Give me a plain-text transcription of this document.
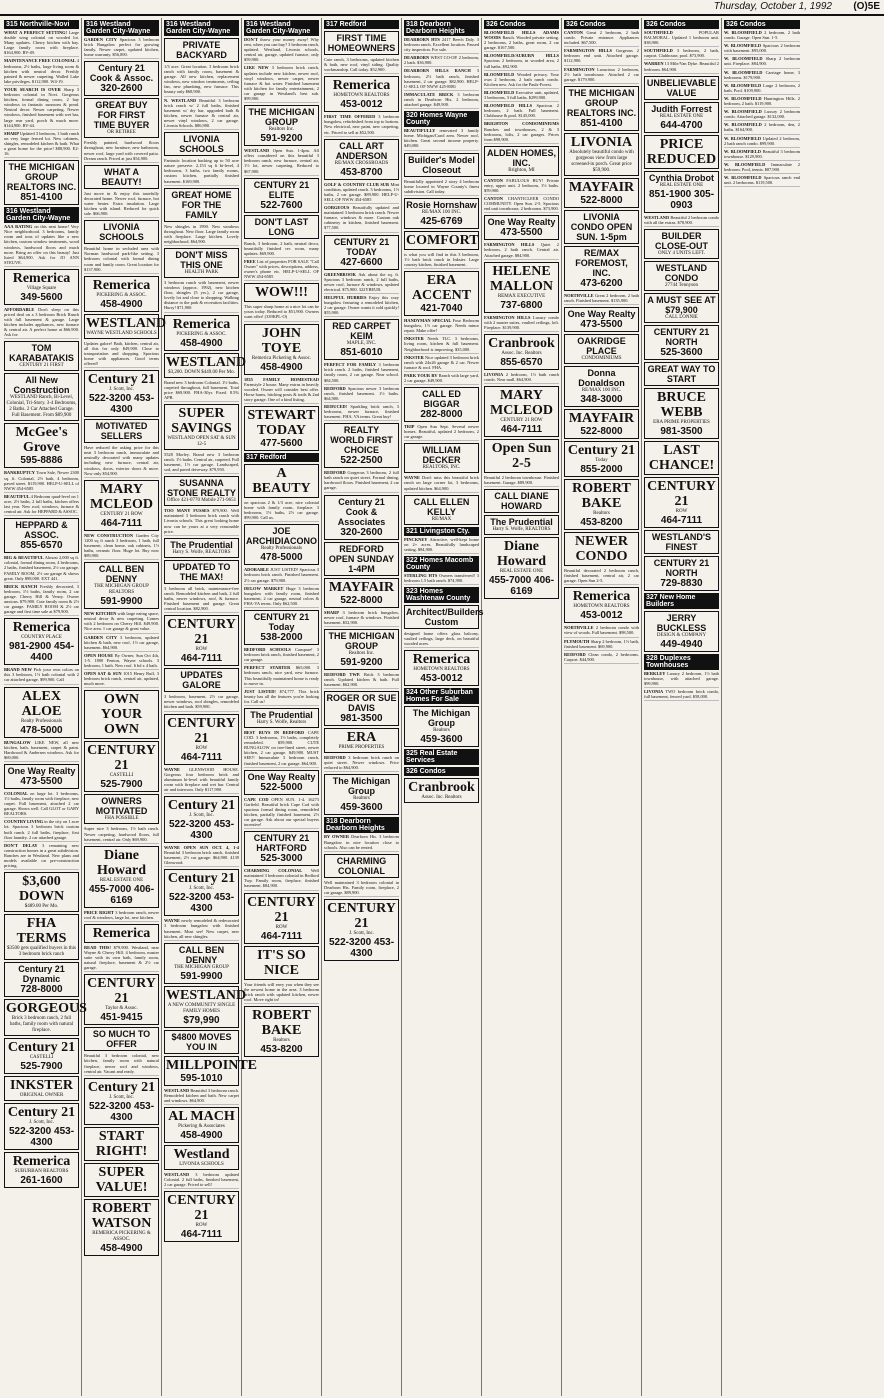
Thursday, October 1, 1992 (O)5E
315 Northville-Novi
WHAT A PERFECT SETTING! Large double wing colonial on wooded lot. Many updates. Cherry kitchen with bay. Large family room with fireplace. $164,900. RV-49.
MAINTENANCE FREE COLONIAL 4 bedrooms, 2½ baths, large living room & kitchen with neutral decor. Freshly painted & newer carpeting. Walled Lake lake privileges. $112,900. W4-19.
YOUR SEARCH IS OVER Sharp 3 bedroom colonial in Novi. Gorgeous kitchen, formal dining room, 2 bay windows in fantastic sunroom & pond. Neutral decor. Newer carpeting. Newer windows, finished basement with wet bar, large rear yard, porch & much more. $144,900. RV-44.
SHARP Updated 3 bedroom, 1 bath ranch on very large fenced lot. New cabinets, shingles, remodeled kitchen & bath. What a great home for the price! $88,900. E2-16.
THE MICHIGAN GROUP REALTORS INC.
851-4100
316 Westland Garden City-Wayne
AAA RATING on this neat home! Very Nice neighborhood. 3 bedrooms, family room and tons of updates like a new kitchen, custom window treatments, wood windows, hardwood floors and much more. Bring an offer on this beauty! Just listed $64,900. Ask for JO ANN STEUVE.
Remerica
Village Square
349-5600
AFFORDABLE Don't sleep on this priced deal on a 3 bedroom Brick Ranch with full basement & garage. Large kitchen includes appliances, new furnace & central air. A perfect home at $66,900. Ask for:
TOM KARABATAKIS
CENTURY 21 FIRST
All New Construction
WESTLAND Ranch, Bi-Level, Colonial, Tri-Story. 3-4 Bedrooms, 2 Baths. 2 Car Attached Garage. Full Basement. From $89,900
McGee's Grove
595-8886
BANKRUPTCY Town Sale, Newer 2300 sq. ft. Colonial, 2½ bath, 4 bedroom, paved street. $119,900. HELP-U-SELL of NWW 454-6585
BEAUTIFUL 4 Bedroom quad-level on 1 acre, 2½ baths, 2 full baths, kitchen offers last year. New roof, windows, furnace & central air. Ask for HEPPARD & ASSOC.
HEPPARD & ASSOC.
855-6570
BIG & BEAUTIFUL Almost 2,000 sq ft. colonial, formal dining room, 4 bedrooms, 2 baths, finished basement, 2½ car garage. FAMILY ROOM, 2½ car garage & shows great. Only $98,000. EXT 441.
BRICK RANCH Freshly decorated, 3 bedroom, 1½ baths, family room, 2 car garage. Cherry Hill & Venoy. Owner anxious. $79,900. Cute family room & 2½ car garage. FAMILY ROOM & 2½ car garage and first time sale at $79,900.
Remerica
COUNTRY PLACE
981-2900 454-4400
BRAND NEW Pick your own colors on this 3 bedroom, 1½ bath colonial with 2 car attached garage. $99,900. Call
ALEX ALOE
Realty Professionals
478-5000
BUNGALOW LIKE NEW, all new kitchen, bath, basement, carpet & paint. Hardwood & Andersen windows. Ask for $69,000.
One Way Realty
473-5500
COLONIAL on large lot. 3 bedrooms, 1½ baths, family room with fireplace, new carpet. Full basement, attached 2 car garage. Shows well. Call GLOT or GARY REALTORS.
COUNTRY LIVING in the city on 1 acre lot. Spacious 3 bedroom brick custom built ranch. 2 full baths, fireplace, first floor laundry. 2 car attached garage.
DON'T DELAY 3 remaining new construction homes in a great subdivision. Ranches are in Westland. New plans and models available on pre-construction pricing.
$3,600 DOWN
$489.00 Per Mo.
FHA TERMS
$3500 gets qualified buyers in this 3 bedroom brick ranch
Century 21 Dynamic
728-8000
GORGEOUS
Brick 3 bedroom ranch, 2 full baths, family room with natural fireplace.
Century 21
CASTELLI
525-7900
INKSTER
ORIGINAL OWNER
Century 21
J. Scott, Inc.
522-3200 453-4300
Remerica
SUBURBAN REALTORS
261-1600
316 Westland Garden City-Wayne
GARDEN CITY Spacious 3 bedroom brick Bungalow perfect for growing family. Newer carpet, updated kitchen, home warranty. $56,000.
Century 21 Cook & Assoc.
320-2600
GREAT BUY FOR FIRST TIME BUYER
OR RETIREE
Freshly painted, hardwood floors throughout, new furniture, new bathroom, newer roof, large yard with covered patio. Dream ranch. Priced at just $54,900.
WHAT A BEAUTY!
Just move in & enjoy this tastefully decorated home. Newer roof, furnace, hot water heater. Extra insulation. Large kitchen with island. Reduced for quick sale. $66,900.
LIVONIA SCHOOLS
Beautiful home in secluded area with Norman hardwood park-like setting. 3 bedroom colonial with formal dining room and family room. Great location for $137,900.
Remerica
PICKERING & ASSOC.
458-4900
WESTLAND
WAYNE WESTLAND SCHOOLS
Updates galore! Bath, kitchen, central air, all this for only $49,900. Close to transportation and shopping. Spacious home with appliances. Good terms offered!
Century 21
J. Scott, Inc.
522-3200 453-4300
MOTIVATED SELLERS
Have reduced the asking price for this neat 3 bedroom ranch, immaculate and neutrally decorated with many updates including new furnace, central air, windows, doors, exterior doors & more. Now only $54,900.
MARY MCLEOD
CENTURY 21 ROW
464-7111
NEW CONSTRUCTION Garden City 1200 sq ft ranch 3 bedroom, 1 bath, full basement, clean home, oak cabinets, 1½ baths, ceramic floor. Huge lot. Buy now $89,900.
CALL BEN DENNY
THE MICHIGAN GROUP REALTORS
591-9900
NEW KITCHEN with large eating space, neutral decor & new carpeting. Comes with 2 bedroom on Cherry Hill. $49,900. Nice area. 1 car garage & great value.
GARDEN CITY 3 bedroom, updated kitchen & bath, new roof, 1½ car garage, basement. $64,900.
OPEN HOUSE By Owner, Sun Oct 4th, 1-5. 1800 Fenton, Wayne schools. 3 bedroom, 1 bath. New roof. 6 bd x 4 bath.
OPEN SAT & SUN 1015 Henry Ruff, 3 bedroom brick ranch, central air, updated, much more.
OWN YOUR OWN
CENTURY 21
CASTELLI
525-7900
OWNERS MOTIVATED
FHA POSSIBLE
Super nice 3 bedroom, 1½ bath ranch. Newer carpeting, hardwood floors, full basement, central air. Only $69,900.
Diane Howard
REAL ESTATE ONE
455-7000 406-6169
PRICE RIGHT 3 bedroom ranch, newer roof & windows, large lot, new kitchen.
Remerica
READ THIS! $79,900. Westland, near Wayne & Cherry Hill. 4 bedroom, master suite with its own bath, family room, natural fireplace, basement & 2½ car garage.
CENTURY 21
Taylor & Assoc.
451-9415
SO MUCH TO OFFER
Beautiful 3 bedroom colonial, new kitchen, family room with natural fireplace, newer roof and windows, central air. Vacant and ready.
Century 21
J. Scott, Inc.
522-3200 453-4300
START RIGHT!
SUPER VALUE!
ROBERT WATSON
REMERICA PICKERING & ASSOC.
458-4900
316 Westland Garden City-Wayne
PRIVATE BACKYARD
1/3 acre. Great location. 3 bedroom brick ranch with family room, basement & garage. All new kitchen, replacement windows, new window treatments, ceiling fan, new plumbing, new furnace. This beauty only $68,900.
N. WESTLAND Beautiful 3 bedroom brick ranch w/ 2 full baths, finished basement w/ dry bar, upgraded bath & kitchen, newer furnace & central air, newer vinyl windows, 2 car garage. Livonia Schools. $86,900.
LIVONIA SCHOOLS
Fantastic location backing up to 50 acre nature preserve. 2,153 sq ft bi-level, 4 bedrooms, 3 baths, two family rooms, custom kitchen, partially finished basement. $169,900.
GREAT HOME FOR THE FAMILY
New shingles in 1990. New windows throughout. New floor. Large family room with fireplace. Large kitchen. Lovely neighborhood. $64,900.
DON'T MISS THIS ONE
HEALTH PARK
3 bedroom ranch with basement, newer windows (approx. 1992), new kitchen floor, shingles (5 yrs.), 2 car garage, lovely lot and close to shopping. Walking distance to the park & recreation facilities. Hurry! $71,900.
Remerica
PICKERING & ASSOC.
458-4900
WESTLAND
$3,200. DOWN $449.00 Per Mo.
Brand new 3 bedroom Colonial. 1½ baths, carpeted throughout, full basement. Total price $69,900. FHA-30yr. Fixed. 8.5% APR.
SUPER SAVINGS
WESTLAND OPEN SAT & SUN 12-5
5528 Morley. Brand new 3 bedroom ranch. 1½ baths. Central air, carpeted. Full basement, 1½ car garage. Landscaped, sod, and paved driveway. $79,950.
SUSANNA STONE REALTY
Office 421-0770 Mobile 271-9651
TOO MANY FUSSES $79,900. Well maintained 3 bedroom brick ranch with Livonia schools. This great looking home now can be yours at a very reasonable price.
The Prudential
Harry S. Wolfe, REALTORS
UPDATED TO THE MAX!
3 bedroom all brick, maintenance-free ranch. Remodeled kitchen and bath, 2 full baths, newer windows, roof, & furnace. Finished basement and garage. Great central location. $82,900.
CENTURY 21
ROW
464-7111
UPDATES GALORE
3 bedroom, basement, 2½ car garage, newer windows, roof shingles, remodeled kitchen and bath. $59,900.
CENTURY 21
ROW
464-7111
WAYNE GLENWOOD HOUSE. Gorgeous four bedroom brick and aluminum bi-level with beautiful family room with fireplace and wet bar. Central air and intercom. Only $117,900.
Century 21
J. Scott, Inc.
522-3200 453-4300
WAYNE OPEN SUN OCT. 4, 1-4 Beautiful 3 bedroom brick ranch, finished basement, 2½ car garage. $64,900. 4139 Glenwood.
Century 21
J. Scott, Inc.
522-3200 453-4300
WAYNE newly remodeled & redecorated 3 bedroom bungalow with finished basement. Must see! New carpet, new kitchen, all new shingles.
CALL BEN DENNY
THE MICHIGAN GROUP
591-9900
WESTLAND
A NEW COMMUNITY SINGLE FAMILY HOMES
$79,990
$4800 MOVES YOU IN
MILLPOINTE
595-1010
WESTLAND Beautiful 3 bedroom ranch. Remodeled kitchen and bath. New carpet and windows. $64,900.
AL MACH
Pickering & Associates
458-4900
Westland
LIVONIA SCHOOLS
WESTLAND 3 bedroom updated Colonial. 2 full baths, finished basement, 2 car garage. Priced to sell!
CENTURY 21
ROW
464-7111
316 Westland Garden City-Wayne
DON'T throw your money away! Why rent, when you can buy? 3 bedroom ranch, updated. Westland, Livonia schools, central air, garage, updated furnace, only $59,900.
LIKE NEW 3 bedroom brick ranch, updates include new kitchen, newer roof, vinyl windows, newer carpet, newer furnace & hot water. Finished basement with kitchen for family entertainment, 2 car garage in Westland's best sub. $99,900.
THE MICHIGAN GROUP
Realtors Inc.
591-9200
WESTLAND Open Sun. 1-4pm. All offers considered on this beautiful 3 bedroom ranch, new furnace, central air, 1½ lot, newer carpeting. Reduced to $67,900.
CENTURY 21 ELITE
522-7600
DON'T LAST LONG
Ranch, 3 bedroom, 2 bath, neutral decor, beautifully finished rec room, many updates. $69,900.
FREE List of properties FOR SALE "Call Owner" with prices, descriptions, address, owner's phone etc. HELP-U-SELL OF NWW 454-6585
WOW!!!
This super sharp home at a nice lot can be yours today. Reduced to $51,900. Owners want offer! (339KPL-O)
JOHN TOYE
Remerica Pickering & Assoc.
458-4900
1835 FAMILY HOMESTEAD Farmstyle 2 house. Many extras in heavily wooded. Owner will consider best offer. Horse barns, hitching posts & trails & 2nd story garage. One of a kind listing.
STEWART TODAY
477-5600
317 Redford
A BEAUTY
on spacious 2 & 1/3 acre, nice colonial home with family room, fireplace. 3 bedrooms, 1½ baths, 2½ car garage. $99,900. Call us.
JOE ARCHIDIACONO
Realty Professionals
478-5000
ADORABLE JUST LISTED! Spacious 3 bedroom brick ranch. Finished basement. 2½ car garage. $79,900.
DELOW MARKET Huge 3 bedroom bungalow with family room, finished basement, 2 car garage, neutral colors & FHA-VA terms. Only $62,500.
CENTURY 21 Today
538-2000
BEDFORD SCHOOLS Compare! 3 bedroom brick ranch, finished basement, 2 car garage.
PERFECT STARTER $65,000. 3 bedroom ranch, nice yard, new furnace. This beautifully maintained home is ready to move in.
JUST LISTED! $74,777. This brick beauty has all the features you're looking for. Call us!
The Prudential
Harry S. Wolfe, Realtors
BEST BUYS IN BEDFORD CAPE COD. 3 bedrooms, 1½ baths, completely remodeled. $59,900. CUTE BUNGALOW on tree-lined street, newer kitchen, 2 car garage. $49,900. MUST SEE!! Immaculate 3 bedroom ranch, finished basement, 2 car garage. $64,900.
One Way Realty
522-5000
CAPE COD OPEN SUN. 1-4. 16273 Garfield. Beautiful brick Cape Cod with spacious formal dining room, remodeled kitchen, partially finished basement, 2½ car garage. Ask about our special buyers incentive!
CENTURY 21 HARTFORD
525-3000
CHARMING COLONIAL Well maintained 3 bedroom colonial in Redford Twp. Family room, fireplace, finished basement. $84,900.
CENTURY 21
ROW
464-7111
IT'S SO NICE
Your friends will envy you when they see the newest home in the area. 3 bedroom brick ranch with updated kitchen, newer roof. Move right in!
ROBERT BAKE
Realtors
453-8200
317 Redford
FIRST TIME HOMEOWNERS
Cute ranch, 3 bedrooms, updated kitchen & bath, new roof, vinyl siding. Quality workmanship. Call today. $52,900.
Remerica
HOMETOWN REALTORS
453-0012
FIRST TIME OFFERED 3 bedroom bungalow, refurbished from top to bottom. New electrical, new paint, new carpeting, etc. Priced to sell at $52,500.
CALL ART ANDERSON
RE/MAX CROSSROADS
453-8700
GOLF & COUNTRY CLUB SUB Mint condition, updated ranch. 3 bedrooms, 1½ baths, 2 car garage. $89,900. HELP-U-SELL OF NWW 454-6585
GORGEOUS Beautifully updated and maintained 3 bedroom brick ranch. Newer furnace, windows & more. Custom oak cabinetry in kitchen, finished basement. $77,500.
CENTURY 21 TODAY
427-6600
GREENBROOK Ask about the sq. ft. Spacious 3 bedroom ranch, 2 full baths, newer roof, furnace & windows, updated electrical. $75,900. 322YBEUB.
HELPFUL HUBBIES Enjoy this cozy bungalow featuring a remodeled kitchen, 2 car garage. Owner wants it sold quickly! $55,900.
RED CARPET KEIM
MAPLE, INC.
851-6010
PERFECT FOR FAMILY 3 bedroom brick ranch. 2 baths, finished basement, family room, 2 car garage. Near school. $84,500.
REDFORD Spacious newer 3 bedroom ranch, finished basement. 1½ baths. $64,900.
REDUCED! Sparkling brick ranch, 3 bedrooms, newer furnace, finished basement. FHA, VA terms. Great buy!
REALTY WORLD FIRST CHOICE
522-2500
REDFORD Gorgeous 3 bedroom, 2 full bath ranch on quiet street. Formal dining, hardwood floors. Finished basement, 2 car garage.
Century 21 Cook & Associates
320-2600
REDFORD OPEN SUNDAY 1-4PM
MAYFAIR
522-8000
SHARP 3 bedroom brick bungalow, newer roof, furnace & windows. Finished basement. $52,900.
THE MICHIGAN GROUP
Realtors Inc.
591-9200
REDFORD TWP. Brick 3 bedroom ranch. Updated kitchen & bath. Full basement. $62,900.
ROGER OR SUE DAVIS
981-3500
ERA
PRIME PROPERTIES
REDFORD 3 bedroom brick ranch on quiet street. Newer windows. Price reduced to $64,900.
The Michigan Group
Realtors
459-3600
318 Dearborn Dearborn Heights
BY OWNER Dearborn Hts. 3 bedroom Bungalow in nice location close to schools. Also can be rented.
CHARMING COLONIAL
Well maintained 3 bedroom colonial in Dearborn Hts. Family room, fireplace, 2 car garage. $89,900.
CENTURY 21
J. Scott, Inc.
522-3200 453-4300
318 Dearborn Dearborn Heights
DEARBORN HTS 2417 Beech Daly. 3 bedroom ranch. Excellent location. Passed city inspection. For sale.
DEARBORN WEST CO-OP. 2 bedroom, 2 bath. $36,900.
DEARBORN HILLS RANCH 3 bedroom, 2½ bath ranch, finished basement, 2 car garage. $82,900. HELP-U-SELL OF NWW 425-8881
IMMACULATE BRICK 3 bedroom ranch in Dearborn Hts. 2 bedroom, attached garage. $49,900.
320 Homes Wayne County
BEAUTIFULLY renovated 3 family home. Michigan/Carol area. Newer roof, kitchen. Great second income property. $49,000.
Builder's Model Closeout
Beautifully appointed 2 story 4 bedroom home located in Wayne County's finest subdivision. Call today.
Rosie Hornshaw
RE/MAX 100 INC.
425-6769
COMFORT
is what you will find in this 3 bedroom, 1½ bath brick ranch in Inkster. Large country kitchen, finished basement.
ERA ACCENT
421-7040
HANDYMAN SPECIAL Four Bedroom bungalow, 1½ car garage. Needs minor repair. Make offer!
INKSTER Needs TLC. 3 bedrooms, living room, kitchen & full basement. Neighborhood is improving. $35,000.
INKSTER Nice updated 3 bedroom brick ranch with 24x26 garage & 2 car. Newer furnace & roof. FHA.
PARK YOUR RV Ranch with large yard, 2 car garage. $49,900.
CALL ED BIGGAR
282-8000
TRIP Open Sun Sept. Several newer homes. Beautiful, updated 2 bedroom, 2 car garage.
WILLIAM DECKER
REALTORS, INC.
WAYNE Don't miss this beautiful brick ranch on large corner lot, 3 bedrooms, updated kitchen. $64,900.
CALL ELLEN KELLY
RE/MAX
321 Livingston Cty.
PINCKNEY Attractive, well-kept home on 2+ acres. Beautifully landscaped setting. $84,900.
322 Homes Macomb County
STERLING HTS Owners transferred! 3 bedroom 1.5 bath ranch. $74,900.
323 Homes Washtenaw County
Architect/Builders Custom
designed home offers glass balcony, vaulted ceilings, large deck, on beautiful wooded acres.
Remerica
HOMETOWN REALTORS
453-0012
324 Other Suburban Homes For Sale
The Michigan Group
Realtors
459-3600
325 Real Estate Services
326 Condos
Cranbrook
Assoc. Inc. Realtors
326 Condos
BLOOMFIELD HILLS ADAMS WOODS Ranch. Wooded private setting. 2 bedrooms, 2 baths, great room, 2 car garage. $167,500.
BLOOMFIELD/AUBURN HILLS Spacious 2 bedroom, in wooded area, 2 full baths. $92,900.
BLOOMFIELD Wooded privacy. Your own 2 bedroom, 2 bath ranch condo. Kitchen new. Ask for the Pauls-Forest.
BLOOMFIELD Executive unit, updated, 3 bedrooms, 3 full baths. $299,900.
BLOOMFIELD HILLS Spacious 2 bedroom, 2 bath. Full basement. Clubhouse & pool. $145,000.
BRIGHTON CONDOMINIUMS Ranches and townhouses, 2 & 3 bedrooms, lofts, 2 car garages. Prices from $98,900.
ALDEN HOMES, INC.
Brighton, MI
CANTON FABULOUS BUY! Private entry, upper unit. 2 bedroom, 1½ baths. $59,900.
CANTON CHANTICLEER CONDO COMMUNITY. Open Sun. 2-5. Spacious end unit townhouse, 2 bedrooms. $73,900.
One Way Realty
473-5500
FARMINGTON HILLS Quiet 2 bedroom, 2 bath ranch. Central air. Attached garage. $84,900.
HELENE MALLON
REMAX EXECUTIVE
737-6800
FARMINGTON HILLS Luxury condo with 2 master suites, vaulted ceilings, loft. Fireplace. $139,900.
Cranbrook
Assoc. Inc. Realtors
855-6570
LIVONIA 2 bedroom, 1½ bath ranch condo. Near mall. $64,900.
MARY MCLEOD
CENTURY 21 ROW
464-7111
Open Sun 2-5
Beautiful 2 bedroom townhouse. Finished basement. Garage. $89,900.
CALL DIANE HOWARD
The Prudential
Harry S. Wolfe, REALTORS
Diane Howard
REAL ESTATE ONE
455-7000 406-6169
326 Condos
CANTON Great 2 bedroom, 2 bath condo. Private entrance. Appliances included. $67,500.
FARMINGTON HILLS Gorgeous 2 bedroom end unit. Attached garage. $112,900.
FARMINGTON Luxurious 2 bedroom, 2½ bath townhouse. Attached 2 car garage. $179,900.
THE MICHIGAN GROUP REALTORS INC.
851-4100
LIVONIA
Absolutely beautiful condo with gorgeous view from large screened-in porch. Great price $59,900.
MAYFAIR
522-8000
LIVONIA CONDO OPEN SUN. 1-5pm
RE/MAX FOREMOST, INC.
473-6200
NORTHVILLE Great 2 bedroom, 2 bath ranch. Finished basement. $135,900.
One Way Realty
473-5500
OAKRIDGE PLACE
CONDOMINIUMS
Donna Donaldson
RE/MAX 100 INC.
348-3000
MAYFAIR
522-8000
Century 21
Today
855-2000
ROBERT BAKE
Realtors
453-8200
NEWER CONDO
Beautiful decorated 2 bedroom ranch, finished basement, central air, 2 car garage. Open Sun 2-5.
Remerica
HOMETOWN REALTORS
453-0012
NORTHVILLE 2 bedroom condo with view of woods. Full basement. $98,500.
PLYMOUTH Sharp 2 bedroom, 1½ bath, finished basement. $69,900.
REDFORD Clean condo, 2 bedrooms. Carport. $44,900.
326 Condos
SOUTHFIELD POPULAR BALMORAL. Updated 1 bedroom unit. $38,900.
SOUTHFIELD 3 bedroom, 2 bath, carport. Clubhouse, pool. $73,900.
WARREN 13 Mile/Van Dyke. Beautiful 2 bedroom. $64,900.
UNBELIEVABLE VALUE
Judith Forrest
REAL ESTATE ONE
644-4700
PRICE REDUCED
Cynthia Drobot
REAL ESTATE ONE
851-1900 305-0903
WESTLAND Beautiful 2 bedroom condo with all the extras. $78,900.
BUILDER CLOSE-OUT
ONLY 4 UNITS LEFT.
WESTLAND CONDO
27744 Tennyson
A MUST SEE AT $79,900
CALL LONNIE
CENTURY 21 NORTH
525-3600
GREAT WAY TO START
BRUCE WEBB
ERA PRIME PROPERTIES
981-3500
LAST CHANCE!
CENTURY 21
ROW
464-7111
WESTLAND'S FINEST
CENTURY 21 NORTH
729-8830
327 New Home Builders
JERRY BUCKLESS
DESIGN & COMPANY
449-4940
328 Duplexes Townhouses
BERKLEY Luxury 2 bedroom, 1½ bath townhouse, with attached garage. $99,900.
LIVONIA TWO bedroom brick condo, full basement, fenced yard. $58,000.
326 Condos
W. BLOOMFIELD 2 bedroom, 2 bath condo. Garage. Open Sun. 1-5.
W. BLOOMFIELD Spacious 2 bedroom with basement. $95,000.
W. BLOOMFIELD Sharp 2 bedroom unit. Fireplace. $84,900.
W. BLOOMFIELD Carriage home, 3 bedrooms. $179,900.
W. BLOOMFIELD Large 2 bedroom, 2 bath. Pool. $109,900.
W. BLOOMFIELD Huntington Hills. 2 bedroom, 2 bath. $119,900.
W. BLOOMFIELD Luxury 2 bedroom condo. Attached garage. $132,000.
W. BLOOMFIELD 2 bedroom, den, 2 baths. $164,900.
W. BLOOMFIELD Updated 2 bedroom, 2 bath ranch condo. $99,900.
W. BLOOMFIELD Beautiful 3 bedroom townhouse. $129,900.
W. BLOOMFIELD Immaculate 2 bedroom. Pool, tennis. $87,900.
W. BLOOMFIELD Spacious ranch end unit. 2 bedrooms. $119,500.
